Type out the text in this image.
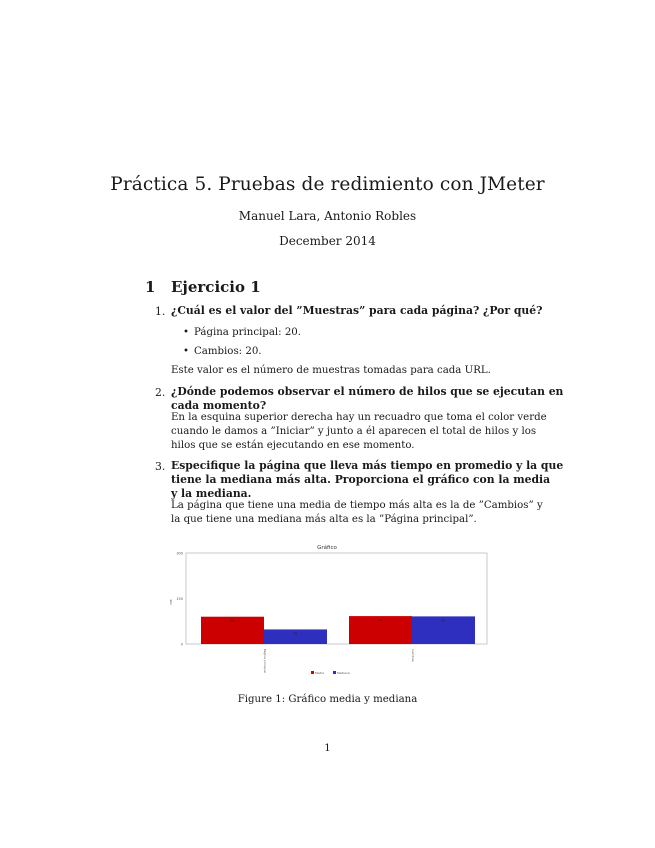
Práctica 5. Pruebas de redimiento con JMeter
Manuel Lara, Antonio Robles
December 2014
1 Ejercicio 1
1. ¿Cuál es el valor del ”Muestras” para cada página? ¿Por qué?
• Página principal: 20.
• Cambios: 20.
Este valor es el número de muestras tomadas para cada URL.
2. ¿Dónde podemos observar el número de hilos que se ejecutan en
cada momento?
En la esquina superior derecha hay un recuadro que toma el color verde
cuando le damos a ”Iniciar” y junto a él aparecen el total de hilos y los
hilos que se están ejecutando en ese momento.
3. Especifique la página que lleva más tiempo en promedio y la que
tiene la mediana más alta. Proporciona el gráfico con la media
y la mediana.
La página que tiene una media de tiempo más alta es la de ”Cambios” y
la que tiene una mediana más alta es la ”Página principal”.
Gráfico
0
150
300
ms
90
48
92	91
Página principal	Cambios
Media	Mediana
Figure 1: Gráfico media y mediana
1
